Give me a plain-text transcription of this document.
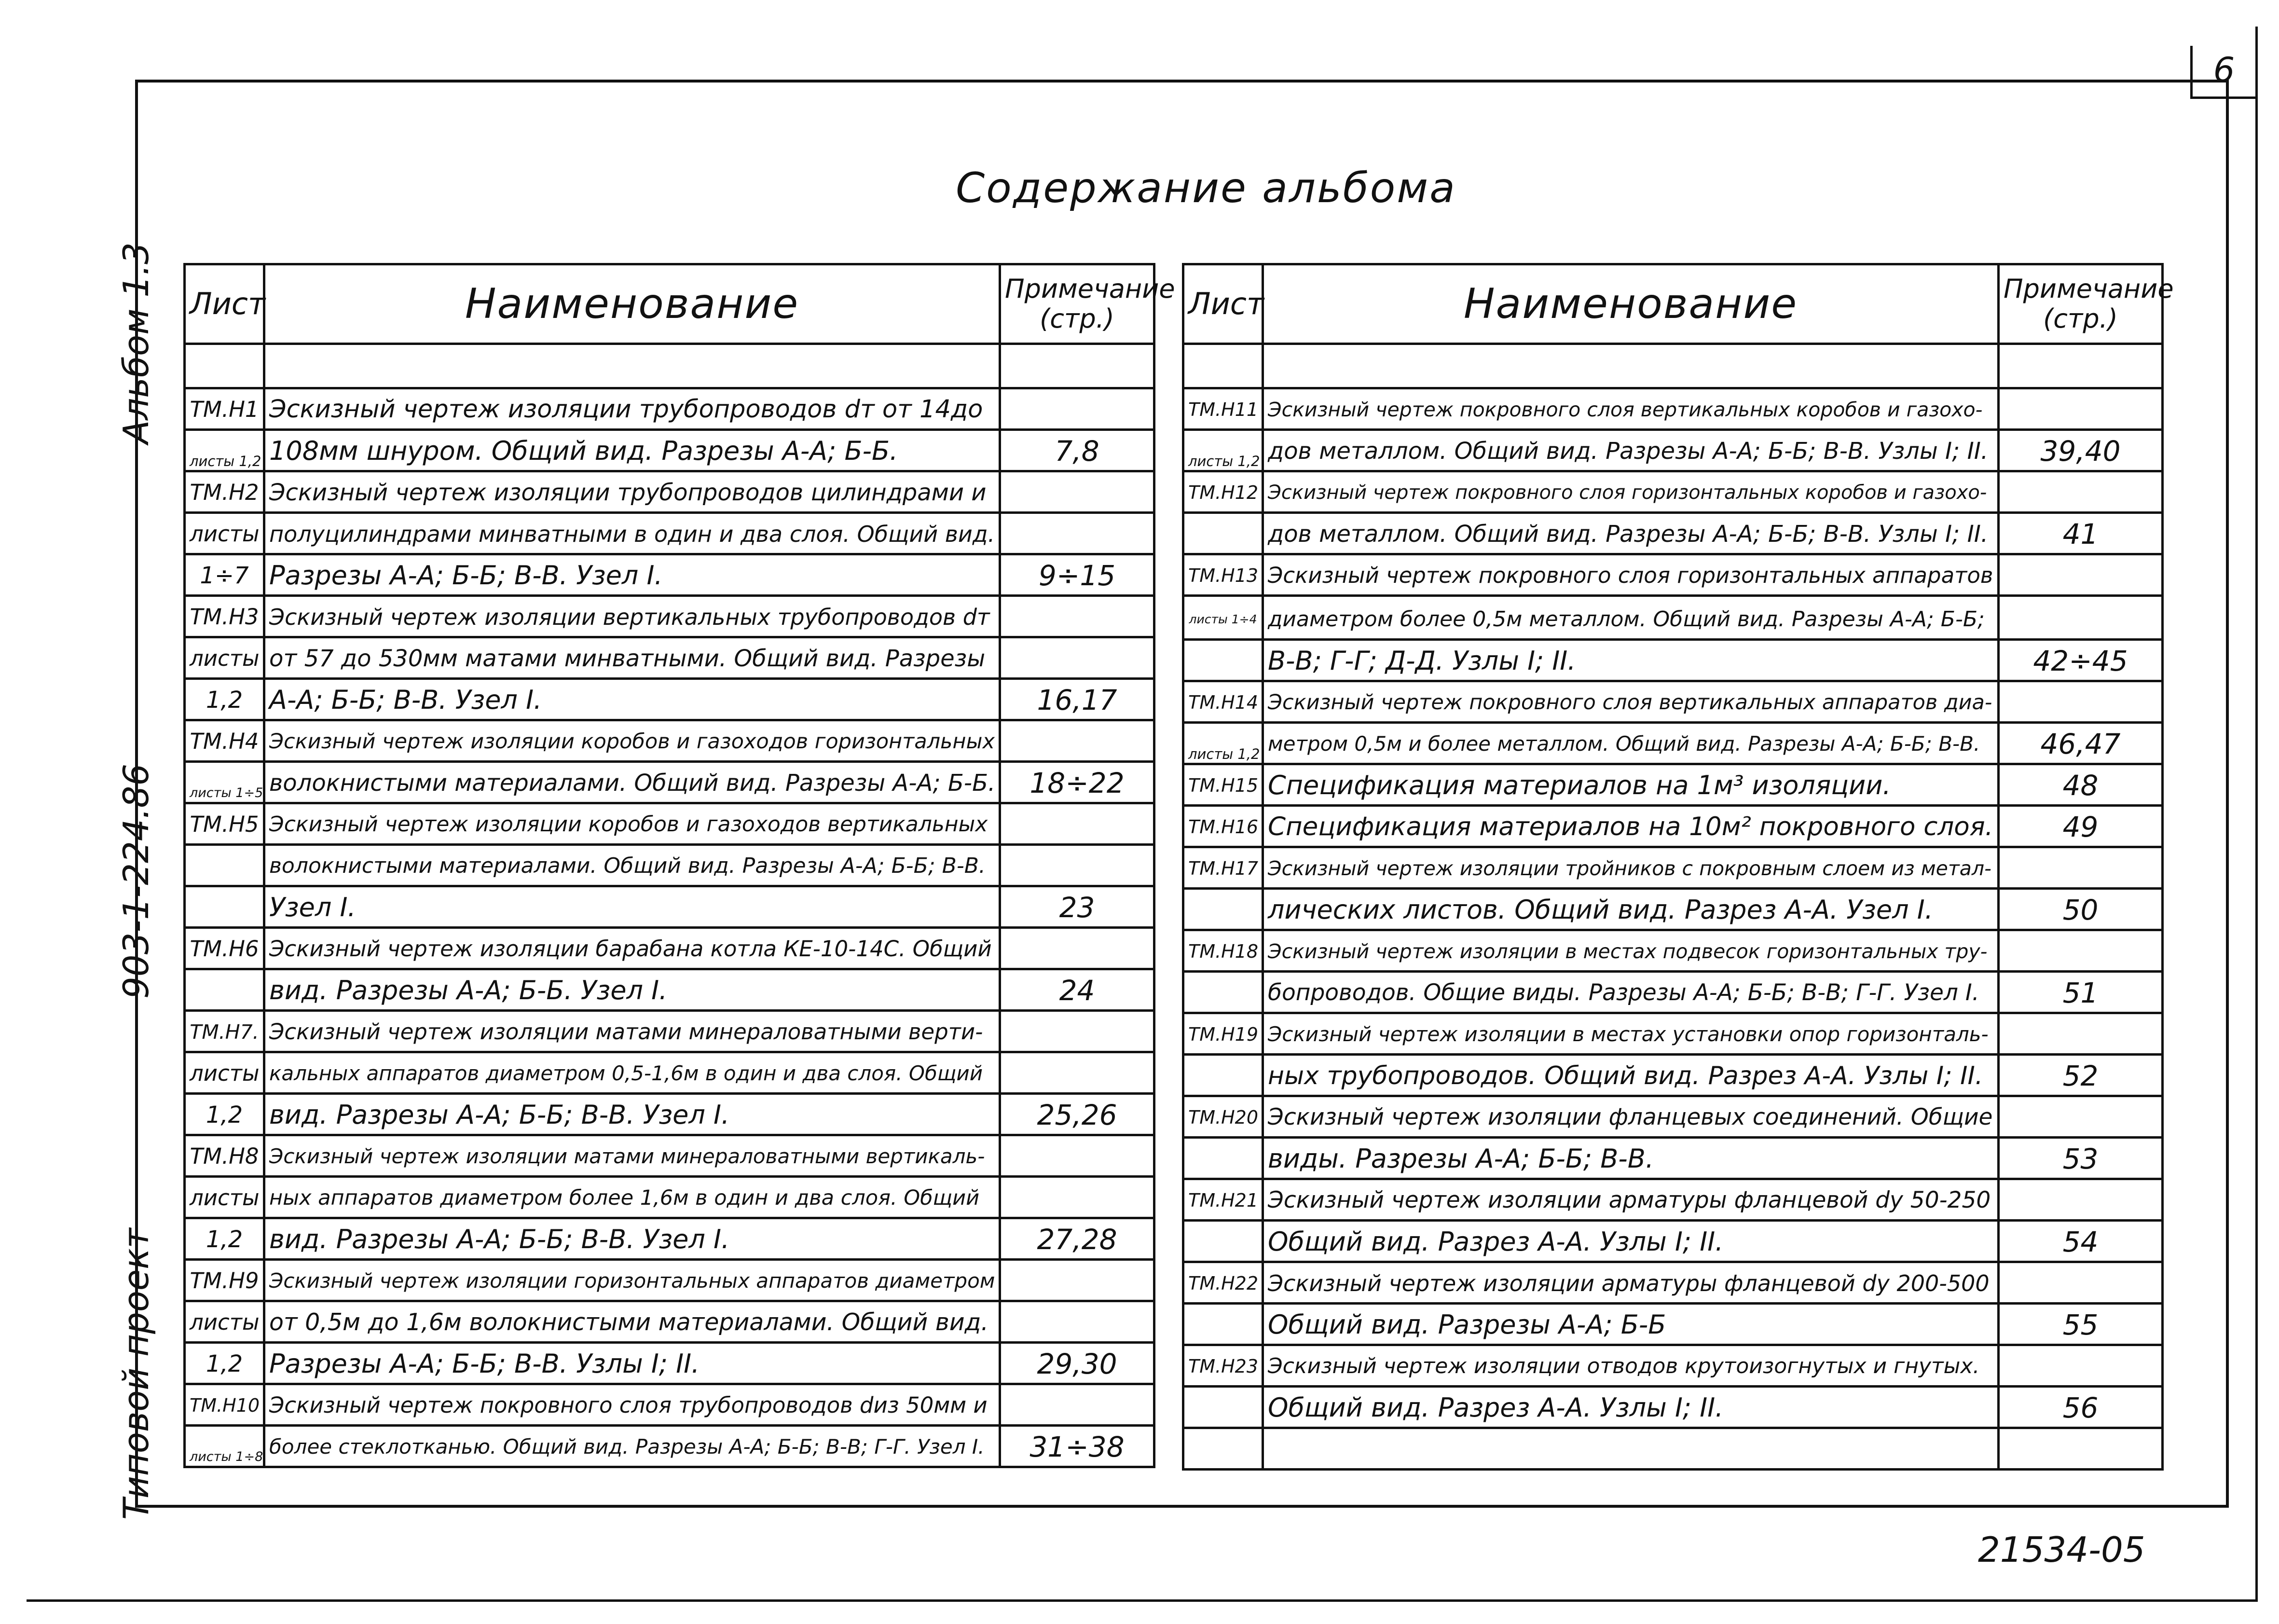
6
Типовой проект
903-1-224.86
Альбом 1.3
Содержание альбома
Лист	Наименование	Примечание
(стр.)

ТМ.Н1	Эскизный чертеж изоляции трубопроводов dт от 14до	

листы 1,2	108мм шнуром. Общий вид. Разрезы А-А; Б-Б.	7,8
ТМ.Н2	Эскизный чертеж изоляции трубопроводов цилиндрами и	
листы	полуцилиндрами минватными в один и два слоя. Общий вид.	
1÷7	Разрезы А-А; Б-Б; В-В. Узел I.	9÷15
ТМ.Н3	Эскизный чертеж изоляции вертикальных трубопроводов dт	
листы	от 57 до 530мм матами минватными. Общий вид. Разрезы	
1,2	А-А; Б-Б; В-В. Узел I.	16,17
ТМ.Н4	Эскизный чертеж изоляции коробов и газоходов горизонтальных	

листы 1÷5	волокнистыми материалами. Общий вид. Разрезы А-А; Б-Б.	18÷22
ТМ.Н5	Эскизный чертеж изоляции коробов и газоходов вертикальных	
	волокнистыми материалами. Общий вид. Разрезы А-А; Б-Б; В-В.	
	Узел I.	23
ТМ.Н6	Эскизный чертеж изоляции барабана котла КЕ-10-14С. Общий	
	вид. Разрезы А-А; Б-Б. Узел I.	24
ТМ.Н7.	Эскизный чертеж изоляции матами минераловатными верти-	
листы	кальных аппаратов диаметром 0,5-1,6м в один и два слоя. Общий	
1,2	вид. Разрезы А-А; Б-Б; В-В. Узел I.	25,26
ТМ.Н8	Эскизный чертеж изоляции матами минераловатными вертикаль-	
листы	ных аппаратов диаметром более 1,6м в один и два слоя. Общий	
1,2	вид. Разрезы А-А; Б-Б; В-В. Узел I.	27,28
ТМ.Н9	Эскизный чертеж изоляции горизонтальных аппаратов диаметром	
листы	от 0,5м до 1,6м волокнистыми материалами. Общий вид.	
1,2	Разрезы А-А; Б-Б; В-В. Узлы I; II.	29,30
ТМ.Н10	Эскизный чертеж покровного слоя трубопроводов dиз 50мм и	

листы 1÷8	более стеклотканью. Общий вид. Разрезы А-А; Б-Б; В-В; Г-Г. Узел I.	31÷38
Лист	Наименование	Примечание
(стр.)

ТМ.Н11	Эскизный чертеж покровного слоя вертикальных коробов и газохо-	

листы 1,2	дов металлом. Общий вид. Разрезы А-А; Б-Б; В-В. Узлы I; II.	39,40
ТМ.Н12	Эскизный чертеж покровного слоя горизонтальных коробов и газохо-	
	дов металлом. Общий вид. Разрезы А-А; Б-Б; В-В. Узлы I; II.	41
ТМ.Н13	Эскизный чертеж покровного слоя горизонтальных аппаратов	
листы 1÷4	диаметром более 0,5м металлом. Общий вид. Разрезы А-А; Б-Б;	
	В-В; Г-Г; Д-Д. Узлы I; II.	42÷45
ТМ.Н14	Эскизный чертеж покровного слоя вертикальных аппаратов диа-	

листы 1,2	метром 0,5м и более металлом. Общий вид. Разрезы А-А; Б-Б; В-В.	46,47
ТМ.Н15	Спецификация материалов на 1м³ изоляции.	48
ТМ.Н16	Спецификация материалов на 10м² покровного слоя.	49
ТМ.Н17	Эскизный чертеж изоляции тройников с покровным слоем из метал-	
	лических листов. Общий вид. Разрез А-А. Узел I.	50
ТМ.Н18	Эскизный чертеж изоляции в местах подвесок горизонтальных тру-	
	бопроводов. Общие виды. Разрезы А-А; Б-Б; В-В; Г-Г. Узел I.	51
ТМ.Н19	Эскизный чертеж изоляции в местах установки опор горизонталь-	
	ных трубопроводов. Общий вид. Разрез А-А. Узлы I; II.	52
ТМ.Н20	Эскизный чертеж изоляции фланцевых соединений. Общие	
	виды. Разрезы А-А; Б-Б; В-В.	53
ТМ.Н21	Эскизный чертеж изоляции арматуры фланцевой dу 50-250	
	Общий вид. Разрез А-А. Узлы I; II.	54
ТМ.Н22	Эскизный чертеж изоляции арматуры фланцевой dу 200-500	
	Общий вид. Разрезы А-А; Б-Б	55
ТМ.Н23	Эскизный чертеж изоляции отводов крутоизогнутых и гнутых.	
	Общий вид. Разрез А-А. Узлы I; II.	56

21534-05
